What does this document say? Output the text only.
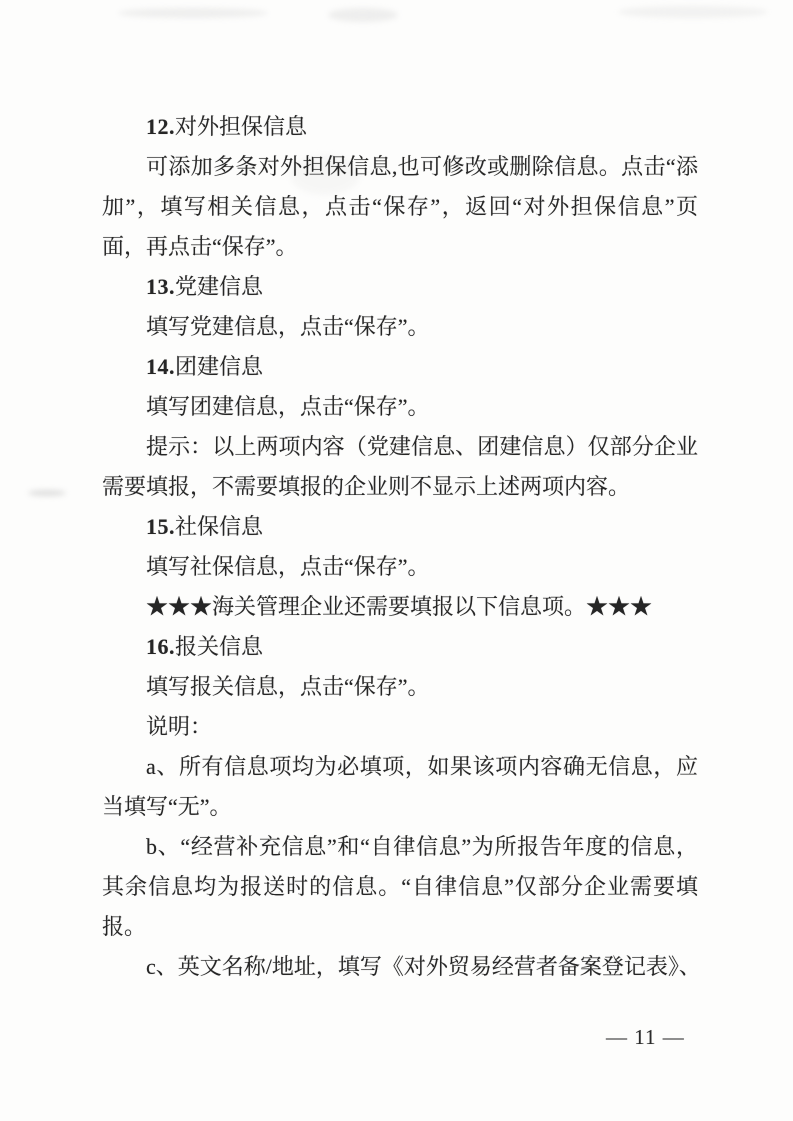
12.对外担保信息

可添加多条对外担保信息,也可修改或删除信息。点击“添加”，填写相关信息，点击“保存”，返回“对外担保信息”页面，再点击“保存”。

13.党建信息

填写党建信息，点击“保存”。

14.团建信息

填写团建信息，点击“保存”。

提示：以上两项内容（党建信息、团建信息）仅部分企业需要填报，不需要填报的企业则不显示上述两项内容。

15.社保信息

填写社保信息，点击“保存”。

★★★海关管理企业还需要填报以下信息项。★★★

16.报关信息

填写报关信息，点击“保存”。

说明：

a、所有信息项均为必填项，如果该项内容确无信息，应当填写“无”。

b、“经营补充信息”和“自律信息”为所报告年度的信息，其余信息均为报送时的信息。“自律信息”仅部分企业需要填报。

c、英文名称/地址，填写《对外贸易经营者备案登记表》、

— 11 —
